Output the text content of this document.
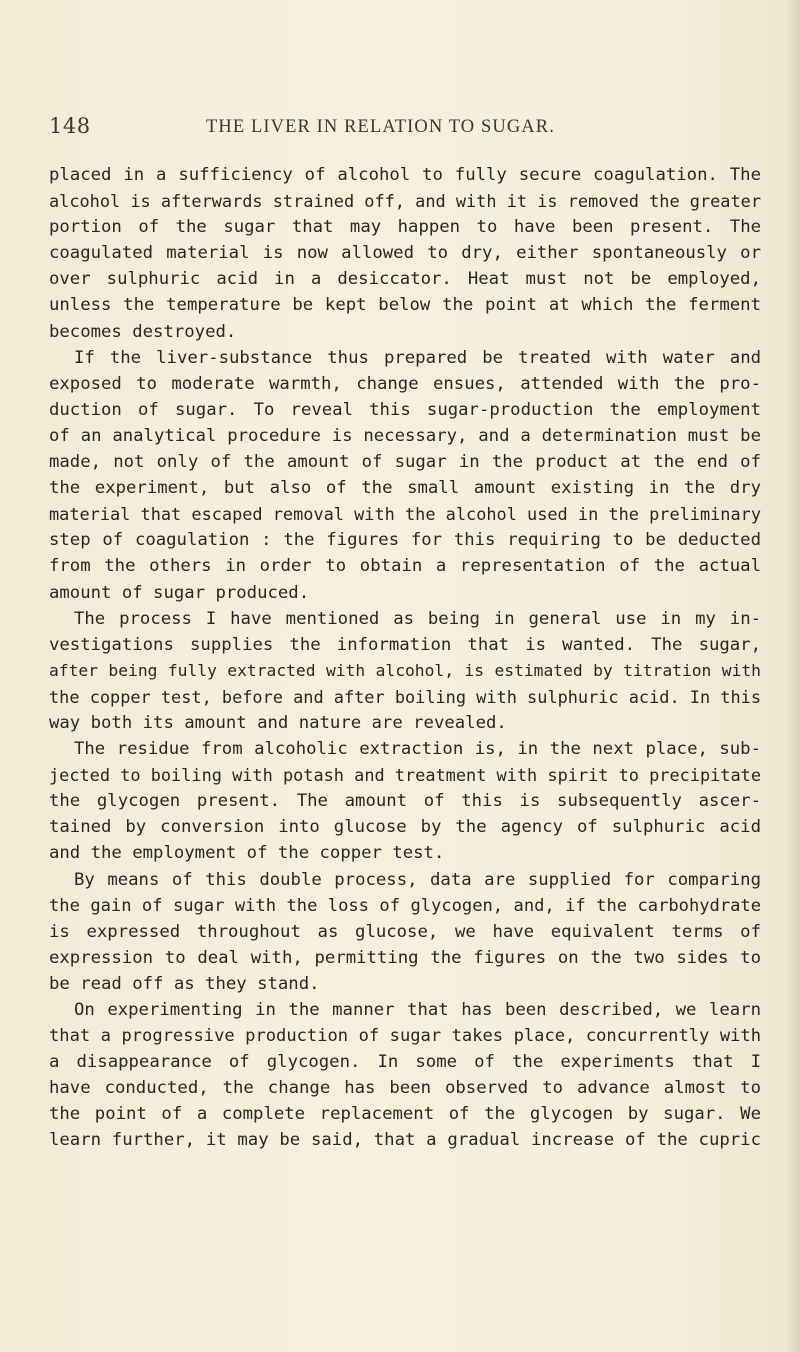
148	THE LIVER IN RELATION TO SUGAR.
placed in a sufficiency of alcohol to fully secure coagulation. The
alcohol is afterwards strained off, and with it is removed the greater
portion of the sugar that may happen to have been present. The
coagulated material is now allowed to dry, either spontaneously or
over sulphuric acid in a desiccator. Heat must not be employed,
unless the temperature be kept below the point at which the ferment
becomes destroyed.
If the liver-substance thus prepared be treated with water and
exposed to moderate warmth, change ensues, attended with the pro-
duction of sugar. To reveal this sugar-production the employment
of an analytical procedure is necessary, and a determination must be
made, not only of the amount of sugar in the product at the end of
the experiment, but also of the small amount existing in the dry
material that escaped removal with the alcohol used in the preliminary
step of coagulation : the figures for this requiring to be deducted
from the others in order to obtain a representation of the actual
amount of sugar produced.
The process I have mentioned as being in general use in my in-
vestigations supplies the information that is wanted. The sugar,
after being fully extracted with alcohol, is estimated by titration with
the copper test, before and after boiling with sulphuric acid. In this
way both its amount and nature are revealed.
The residue from alcoholic extraction is, in the next place, sub-
jected to boiling with potash and treatment with spirit to precipitate
the glycogen present. The amount of this is subsequently ascer-
tained by conversion into glucose by the agency of sulphuric acid
and the employment of the copper test.
By means of this double process, data are supplied for comparing
the gain of sugar with the loss of glycogen, and, if the carbohydrate
is expressed throughout as glucose, we have equivalent terms of
expression to deal with, permitting the figures on the two sides to
be read off as they stand.
On experimenting in the manner that has been described, we learn
that a progressive production of sugar takes place, concurrently with
a disappearance of glycogen. In some of the experiments that I
have conducted, the change has been observed to advance almost to
the point of a complete replacement of the glycogen by sugar. We
learn further, it may be said, that a gradual increase of the cupric
